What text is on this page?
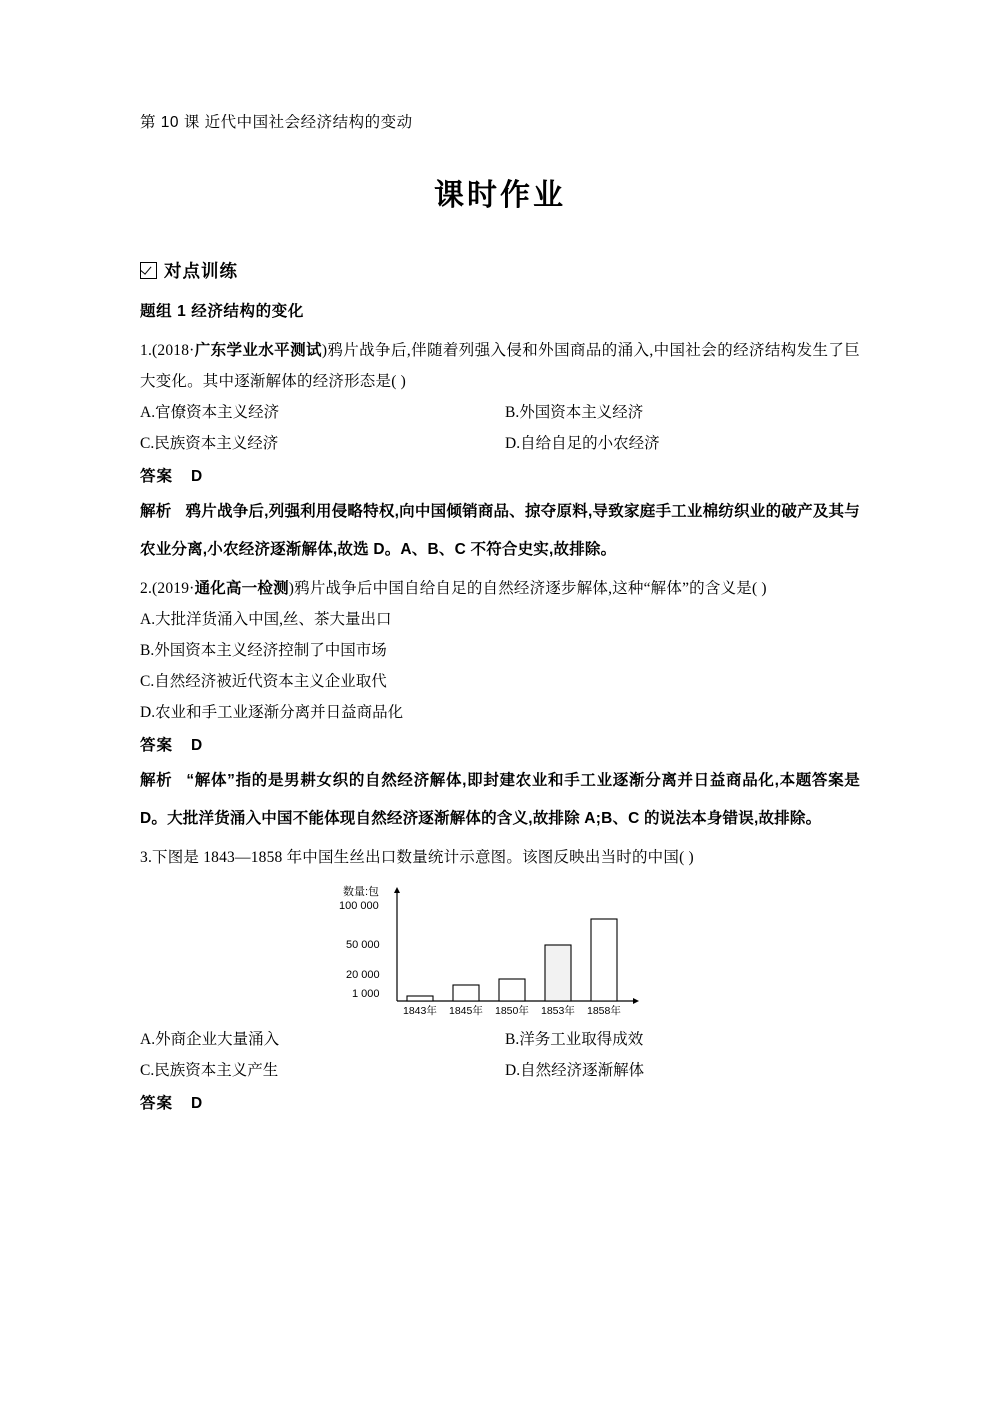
第 10 课 近代中国社会经济结构的变动
课时作业
对点训练
题组 1 经济结构的变化
1.(2018·广东学业水平测试)鸦片战争后,伴随着列强入侵和外国商品的涌入,中国社会的经济结构发生了巨大变化。其中逐渐解体的经济形态是( )
A.官僚资本主义经济
C.民族资本主义经济
B.外国资本主义经济
D.自给自足的小农经济
答案 D
解析 鸦片战争后,列强利用侵略特权,向中国倾销商品、掠夺原料,导致家庭手工业棉纺织业的破产及其与农业分离,小农经济逐渐解体,故选 D。A、B、C 不符合史实,故排除。
2.(2019·通化高一检测)鸦片战争后中国自给自足的自然经济逐步解体,这种“解体”的含义是( )
A.大批洋货涌入中国,丝、茶大量出口
B.外国资本主义经济控制了中国市场
C.自然经济被近代资本主义企业取代
D.农业和手工业逐渐分离并日益商品化
答案 D
解析 “解体”指的是男耕女织的自然经济解体,即封建农业和手工业逐渐分离并日益商品化,本题答案是 D。大批洋货涌入中国不能体现自然经济逐渐解体的含义,故排除 A;B、C 的说法本身错误,故排除。
3.下图是 1843—1858 年中国生丝出口数量统计示意图。该图反映出当时的中国( )
数量:包
100 000
50 000
20 000
1 000
1843年 1845年 1850年 1853年 1858年
A.外商企业大量涌入
C.民族资本主义产生
B.洋务工业取得成效
D.自然经济逐渐解体
答案 D
